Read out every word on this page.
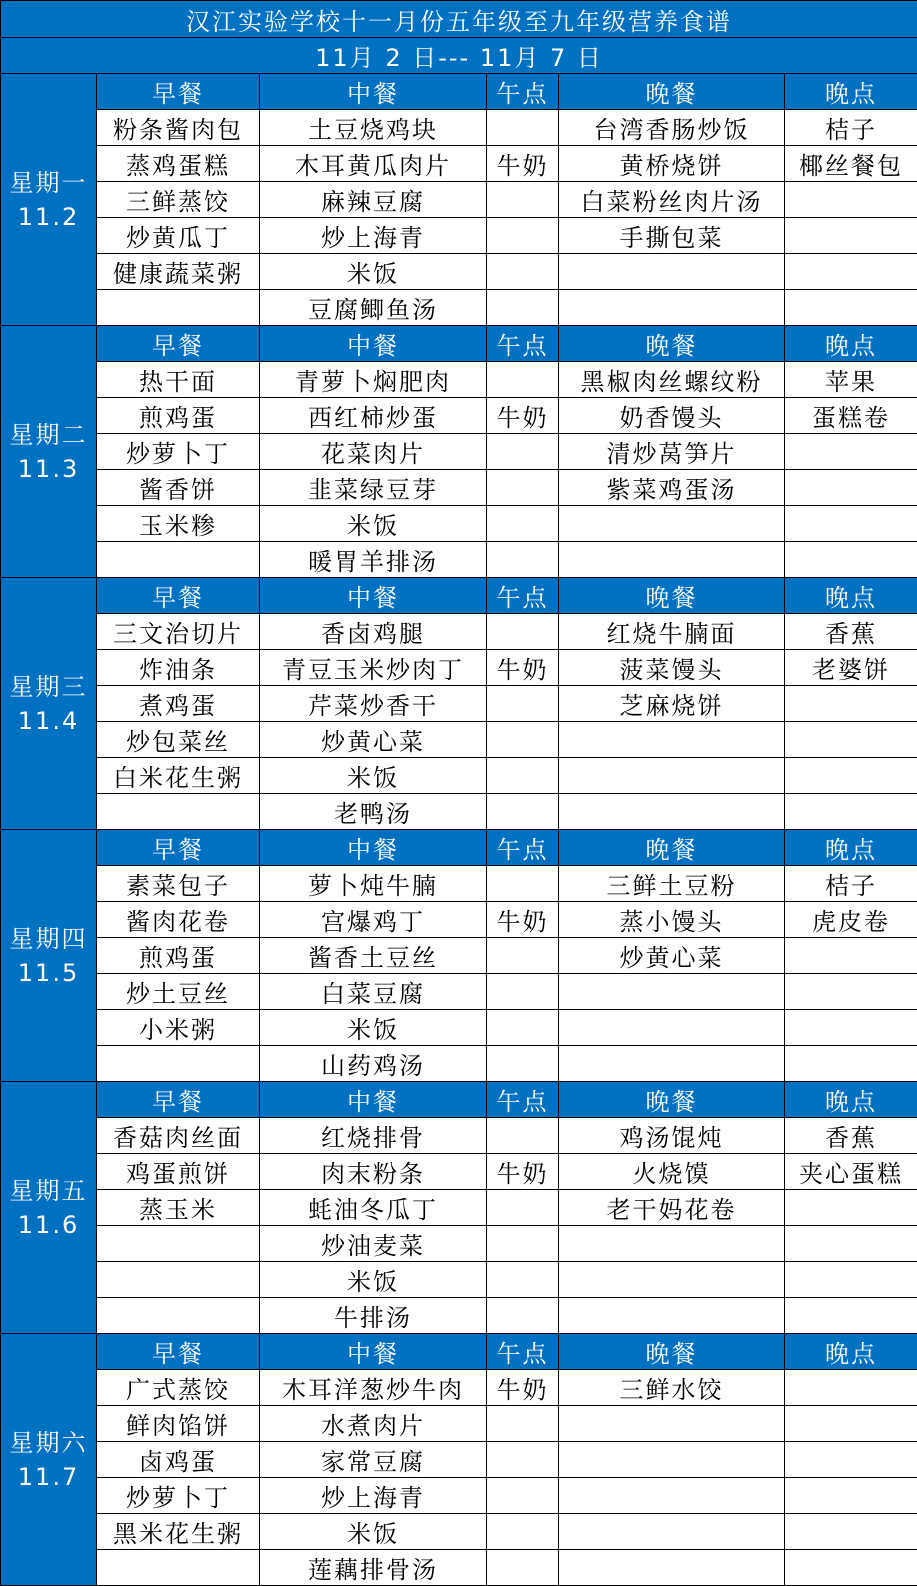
汉江实验学校十一月份五年级至九年级营养食谱					
11月 2 日--- 11月 7 日					

星期一
11.2	早餐	中餐	午点	晚餐	晚点
	粉条酱肉包	土豆烧鸡块		台湾香肠炒饭	桔子
	蒸鸡蛋糕	木耳黄瓜肉片	牛奶	黄桥烧饼	椰丝餐包
	三鲜蒸饺	麻辣豆腐		白菜粉丝肉片汤	
	炒黄瓜丁	炒上海青		手撕包菜	
	健康蔬菜粥	米饭			
		豆腐鲫鱼汤			

星期二
11.3	早餐	中餐	午点	晚餐	晚点
	热干面	青萝卜焖肥肉		黑椒肉丝螺纹粉	苹果
	煎鸡蛋	西红柿炒蛋	牛奶	奶香馒头	蛋糕卷
	炒萝卜丁	花菜肉片		清炒莴笋片	
	酱香饼	韭菜绿豆芽		紫菜鸡蛋汤	
	玉米糁	米饭			
		暖胃羊排汤			

星期三
11.4	早餐	中餐	午点	晚餐	晚点
	三文治切片	香卤鸡腿		红烧牛腩面	香蕉
	炸油条	青豆玉米炒肉丁	牛奶	菠菜馒头	老婆饼
	煮鸡蛋	芹菜炒香干		芝麻烧饼	
	炒包菜丝	炒黄心菜			
	白米花生粥	米饭			
		老鸭汤			

星期四
11.5	早餐	中餐	午点	晚餐	晚点
	素菜包子	萝卜炖牛腩		三鲜土豆粉	桔子
	酱肉花卷	宫爆鸡丁	牛奶	蒸小馒头	虎皮卷
	煎鸡蛋	酱香土豆丝		炒黄心菜	
	炒土豆丝	白菜豆腐			
	小米粥	米饭			
		山药鸡汤			

星期五
11.6	早餐	中餐	午点	晚餐	晚点
	香菇肉丝面	红烧排骨		鸡汤馄炖	香蕉
	鸡蛋煎饼	肉末粉条	牛奶	火烧馍	夹心蛋糕
	蒸玉米	蚝油冬瓜丁		老干妈花卷	
		炒油麦菜			
		米饭			
		牛排汤			

星期六
11.7	早餐	中餐	午点	晚餐	晚点
	广式蒸饺	木耳洋葱炒牛肉	牛奶	三鲜水饺	
	鲜肉馅饼	水煮肉片			
	卤鸡蛋	家常豆腐			
	炒萝卜丁	炒上海青			
	黑米花生粥	米饭			
		莲藕排骨汤			
